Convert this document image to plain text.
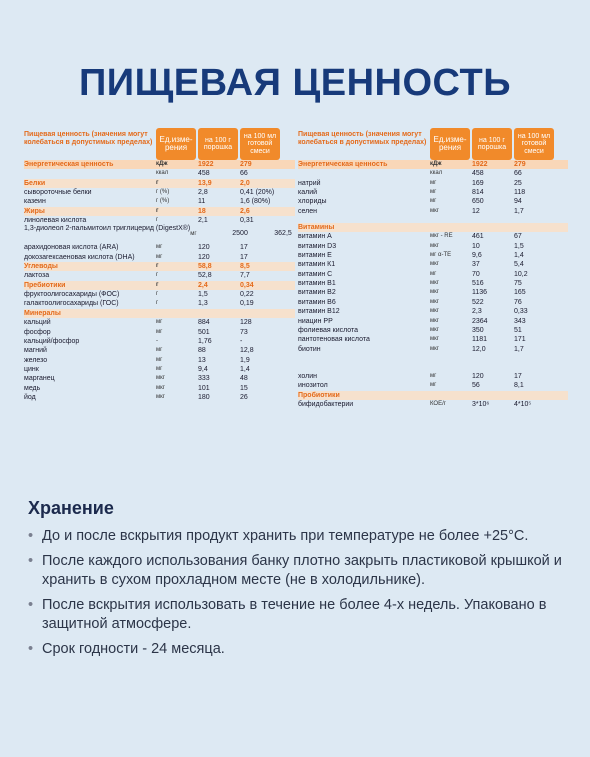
ПИЩЕВАЯ ЦЕННОСТЬ
Пищевая ценность (значения могут колебаться в допустимых пределах) Ед.изме-рения
на 100 г порошка
на 100 мл готовой смеси
Энергетическая ценность	кДж	1922	279
ккал	458	66
Белки	г	13,9	2,0
сывороточные белки	г (%)	2,8	0,41 (20%)
казеин	г (%)	11	1,6 (80%)
Жиры	г	18	2,6
линолевая кислота	г	2,1	0,31
1,3-диолеол 2-пальмитоил триглицерид (DigestX®)
мг	2500	362,5
арахидоновая кислота (ARA)	мг	120	17
докозагексаеновая кислота (DHA)	мг	120	17
Углеводы	г	58,8	8,5
лактоза	г	52,8	7,7
Пребиотики	г	2,4	0,34
фруктоолигосахариды (ФОС)	г	1,5	0,22
галактоолигосахариды (ГОС)	г	1,3	0,19
Минералы
кальций	мг	884	128
фосфор	мг	501	73
кальций/фосфор	-	1,76	-
магний	мг	88	12,8
железо	мг	13	1,9
цинк	мг	9,4	1,4
марганец	мкг	333	48
медь	мкг	101	15
йод	мкг	180	26
Пищевая ценность (значения могут колебаться в допустимых пределах) Ед.изме-рения
на 100 г порошка
на 100 мл готовой смеси
Энергетическая ценность	кДж	1922	279
ккал	458	66
натрий	мг	169	25
калий	мг	814	118
хлориды	мг	650	94
селен	мкг	12	1,7
Витамины
витамин А	мкг - RE	461	67
витамин D3	мкг	10	1,5
витамин E	мг α-TE	9,6	1,4
витамин К1	мкг	37	5,4
витамин С	мг	70	10,2
витамин В1	мкг	516	75
витамин В2	мкг	1136	165
витамин В6	мкг	522	76
витамин В12	мкг	2,3	0,33
ниацин PP	мкг	2364	343
фолиевая кислота	мкг	350	51
пантотеновая кислота	мкг	1181	171
биотин	мкг	12,0	1,7
холин	мг	120	17
инозитол	мг	56	8,1
Пробиотики
бифидобактерии	КОЕ/г	3*10⁶	4*10⁵
Хранение
• До и после вскрытия продукт хранить при температуре не более +25°С.
• После каждого использования банку плотно закрыть пластиковой крышкой и хранить в сухом прохладном месте (не в холодильнике).
• После вскрытия использовать в течение не более 4-х недель. Упаковано в защитной атмосфере.
• Срок годности - 24 месяца.
